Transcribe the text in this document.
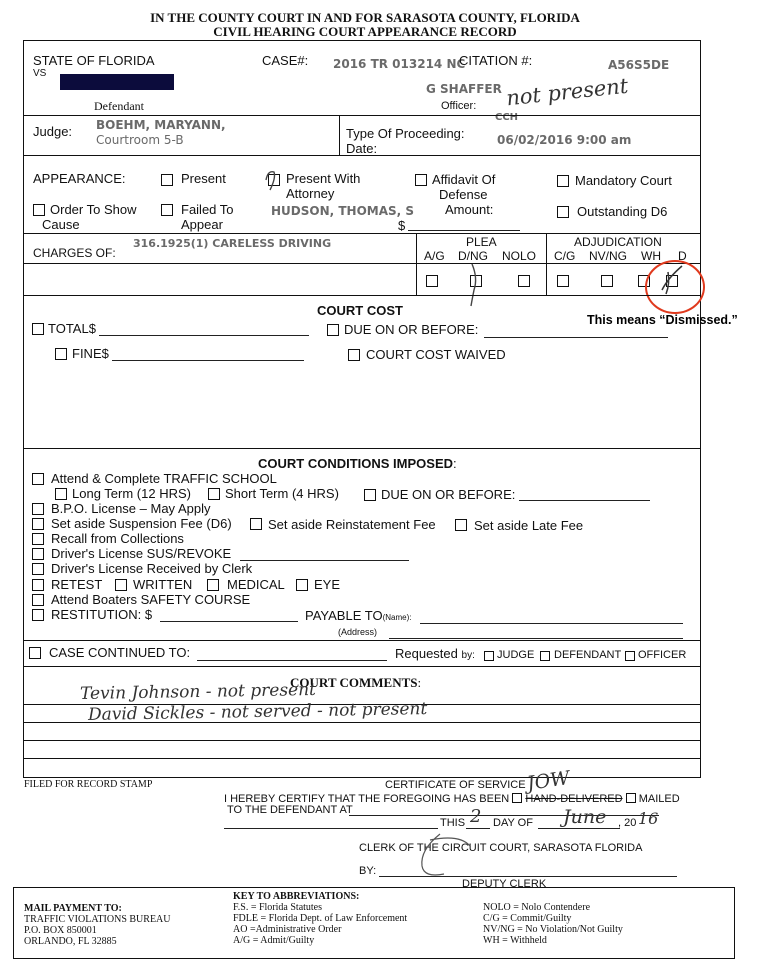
IN THE COUNTY COURT IN AND FOR SARASOTA COUNTY, FLORIDA
CIVIL HEARING COURT APPEARANCE RECORD
STATE OF FLORIDA
VS
Defendant
CASE#: 2016 TR 013214 NC
CITATION #:	A56S5DE
G SHAFFER
Officer: not present
CCH
Judge: BOEHM, MARYANN,
Courtroom 5-B	Type Of Proceeding:
Date:
06/02/2016 9:00 am
APPEARANCE:	Present	Present With
Attorney
HUDSON, THOMAS, S
Affidavit Of
Defense
Amount:
$
Mandatory Court
Order To Show
Cause
Failed To
Appear
Outstanding D6
CHARGES OF:
316.1925(1) CARELESS DRIVING	PLEA
A/G D/NG NOLO
ADJUDICATION
C/G NV/NG WH D
This means “Dismissed.”
COURT COST
TOTAL$	DUE ON OR BEFORE:
FINE$	COURT COST WAIVED
COURT CONDITIONS IMPOSED:
Attend & Complete TRAFFIC SCHOOL
Long Term (12 HRS)	Short Term (4 HRS)	DUE ON OR BEFORE:
B.P.O. License – May Apply
Set aside Suspension Fee (D6)	Set aside Reinstatement Fee	Set aside Late Fee
Recall from Collections
Driver's License SUS/REVOKE
Driver's License Received by Clerk
RETEST WRITTEN	MEDICAL EYE
Attend Boaters SAFETY COURSE
RESTITUTION: $	PAYABLE TO(Name):
(Address)
CASE CONTINUED TO:	Requested by: JUDGE DEFENDANT OFFICER
COURT COMMENTS:
Tevin Johnson - not present
David Sickles - not served - not present
FILED FOR RECORD STAMP	CERTIFICATE OF SERVICE JOW
I HEREBY CERTIFY THAT THE FOREGOING HAS BEEN HAND-DELIVERED MAILED
TO THE DEFENDANT AT
THIS 2 DAY OF June , 20 16
CLERK OF THE CIRCUIT COURT, SARASOTA FLORIDA
BY:
DEPUTY CLERK
MAIL PAYMENT TO:
TRAFFIC VIOLATIONS BUREAU
P.O. BOX 850001
ORLANDO, FL 32885
KEY TO ABBREVIATIONS:
F.S. = Florida Statutes
FDLE = Florida Dept. of Law Enforcement
AO =Administrative Order
A/G = Admit/Guilty
NOLO = Nolo Contendere
C/G = Commit/Guilty
NV/NG = No Violation/Not Guilty
WH = Withheld
